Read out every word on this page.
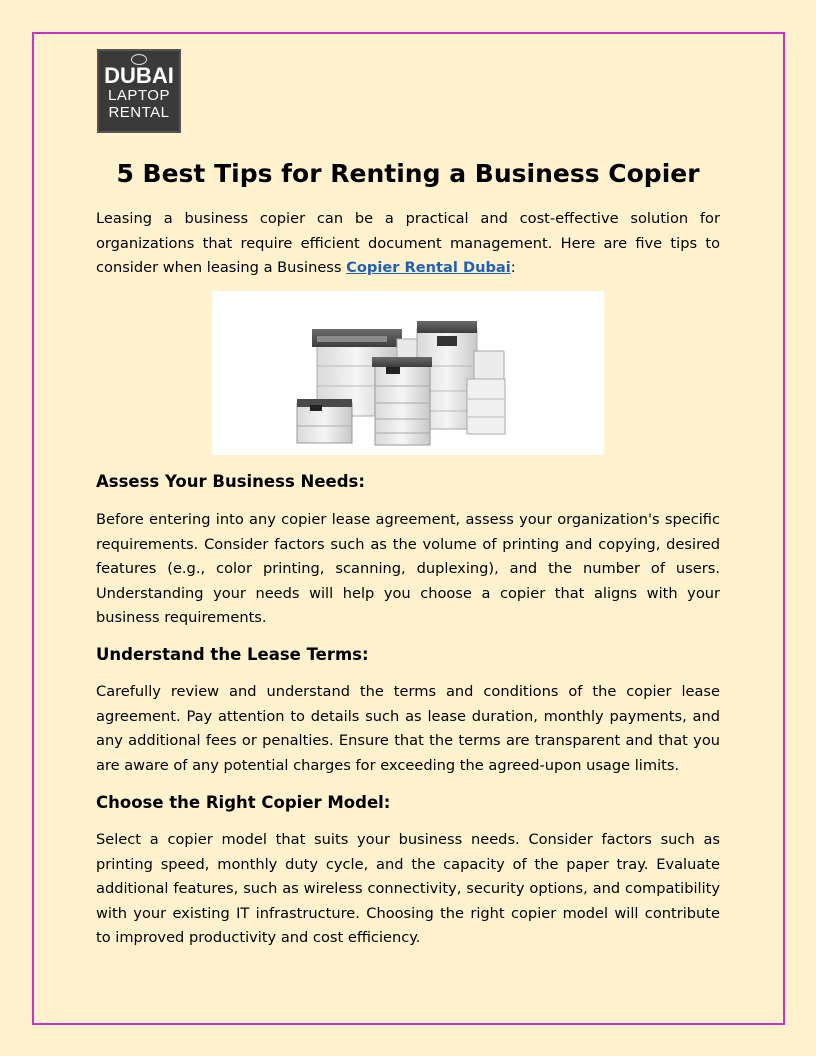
DUBAI
LAPTOP
RENTAL
5 Best Tips for Renting a Business Copier

Leasing a business copier can be a practical and cost-effective solution for organizations that require efficient document management. Here are five tips to consider when leasing a Business Copier Rental Dubai:

Assess Your Business Needs:

Before entering into any copier lease agreement, assess your organization's specific requirements. Consider factors such as the volume of printing and copying, desired features (e.g., color printing, scanning, duplexing), and the number of users. Understanding your needs will help you choose a copier that aligns with your business requirements.

Understand the Lease Terms:

Carefully review and understand the terms and conditions of the copier lease agreement. Pay attention to details such as lease duration, monthly payments, and any additional fees or penalties. Ensure that the terms are transparent and that you are aware of any potential charges for exceeding the agreed-upon usage limits.

Choose the Right Copier Model:

Select a copier model that suits your business needs. Consider factors such as printing speed, monthly duty cycle, and the capacity of the paper tray. Evaluate additional features, such as wireless connectivity, security options, and compatibility with your existing IT infrastructure. Choosing the right copier model will contribute to improved productivity and cost efficiency.
